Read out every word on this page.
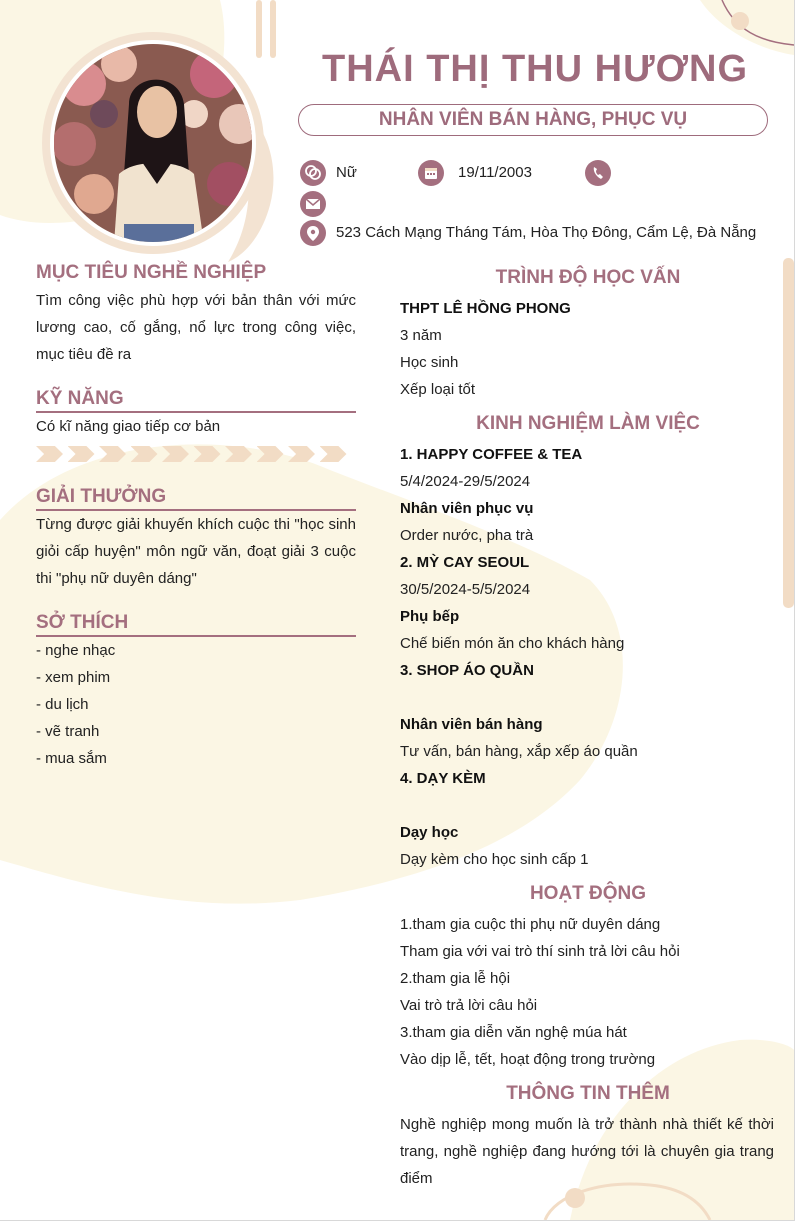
THÁI THỊ THU HƯƠNG
NHÂN VIÊN BÁN HÀNG, PHỤC VỤ
Nữ	19/11/2003
523 Cách Mạng Tháng Tám, Hòa Thọ Đông, Cẩm Lệ, Đà Nẵng
MỤC TIÊU NGHỀ NGHIỆP
Tìm công việc phù hợp với bản thân với mức lương cao, cố gắng, nổ lực trong công việc, mục tiêu đề ra
KỸ NĂNG
Có kĩ năng giao tiếp cơ bản
GIẢI THƯỞNG
Từng được giải khuyến khích cuộc thi "học sinh giỏi cấp huyện" môn ngữ văn, đoạt giải 3 cuộc thi "phụ nữ duyên dáng"
SỞ THÍCH
- nghe nhạc
- xem phim
- du lịch
- vẽ tranh
- mua sắm
TRÌNH ĐỘ HỌC VẤN
THPT LÊ HỒNG PHONG
3 năm
Học sinh
Xếp loại tốt
KINH NGHIỆM LÀM VIỆC
1. HAPPY COFFEE & TEA
5/4/2024-29/5/2024
Nhân viên phục vụ
Order nước, pha trà
2. MỲ CAY SEOUL
30/5/2024-5/5/2024
Phụ bếp
Chế biến món ăn cho khách hàng
3. SHOP ÁO QUẦN
Nhân viên bán hàng
Tư vấn, bán hàng, xắp xếp áo quần
4. DẠY KÈM
Dạy học
Dạy kèm cho học sinh cấp 1
HOẠT ĐỘNG
1.tham gia cuộc thi phụ nữ duyên dáng
Tham gia với vai trò thí sinh trả lời câu hỏi
2.tham gia lễ hội
Vai trò trả lời câu hỏi
3.tham gia diễn văn nghệ múa hát
Vào dịp lễ, tết, hoạt động trong trường
THÔNG TIN THÊM
Nghề nghiệp mong muốn là trở thành nhà thiết kế thời trang, nghề nghiệp đang hướng tới là chuyên gia trang điểm
